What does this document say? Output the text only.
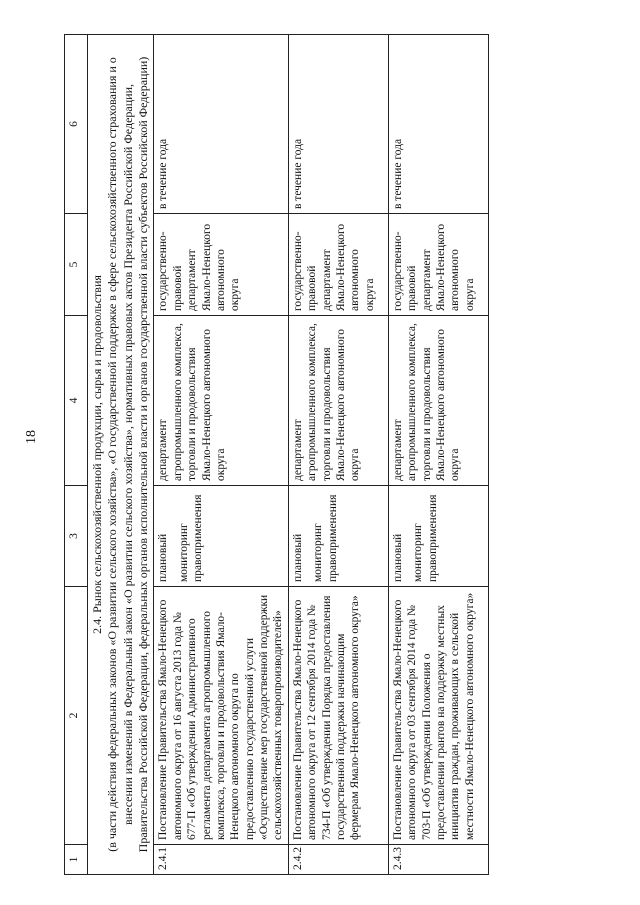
18
1	2	3	4	5	6

2.4. Рынок сельскохозяйственной продукции, сырья и продовольствия (в части действия федеральных законов «О развитии сельского хозяйства», «О государственной поддержке в сфере сельскохозяйственного страхования и о внесении изменений в Федеральный закон «О развитии сельского хозяйства», нормативных правовых актов Президента Российской Федерации, Правительства Российской Федерации, федеральных органов исполнительной власти и органов государственной власти субъектов Российской Федерации)					

2.4.1	Постановление Правительства Ямало-Ненецкого автономного округа от 16 августа 2013 года № 677-П «Об утверждении Административного регламента департамента агропромышленного комплекса, торговли и продовольствия Ямало-Ненецкого автономного округа по предоставлению государственной услуги «Осуществление мер государственной поддержки сельскохозяйственных товаропроизводителей»	плановый мониторинг правоприменения	департамент агропромышленного комплекса, торговли и продовольствия Ямало-Ненецкого автономного округа	государственно-правовой департамент Ямало-Ненецкого автономного округа	в течение года
2.4.2	Постановление Правительства Ямало-Ненецкого автономного округа от 12 сентября 2014 года № 734-П «Об утверждении Порядка предоставления государственной поддержки начинающим фермерам Ямало-Ненецкого автономного округа»	плановый мониторинг правоприменения	департамент агропромышленного комплекса, торговли и продовольствия Ямало-Ненецкого автономного округа	государственно-правовой департамент Ямало-Ненецкого автономного округа	в течение года
2.4.3	Постановление Правительства Ямало-Ненецкого автономного округа от 03 сентября 2014 года № 703-П «Об утверждении Положения о предоставлении грантов на поддержку местных инициатив граждан, проживающих в сельской местности Ямало-Ненецкого автономного округа»	плановый мониторинг правоприменения	департамент агропромышленного комплекса, торговли и продовольствия Ямало-Ненецкого автономного округа	государственно-правовой департамент Ямало-Ненецкого автономного округа	в течение года
